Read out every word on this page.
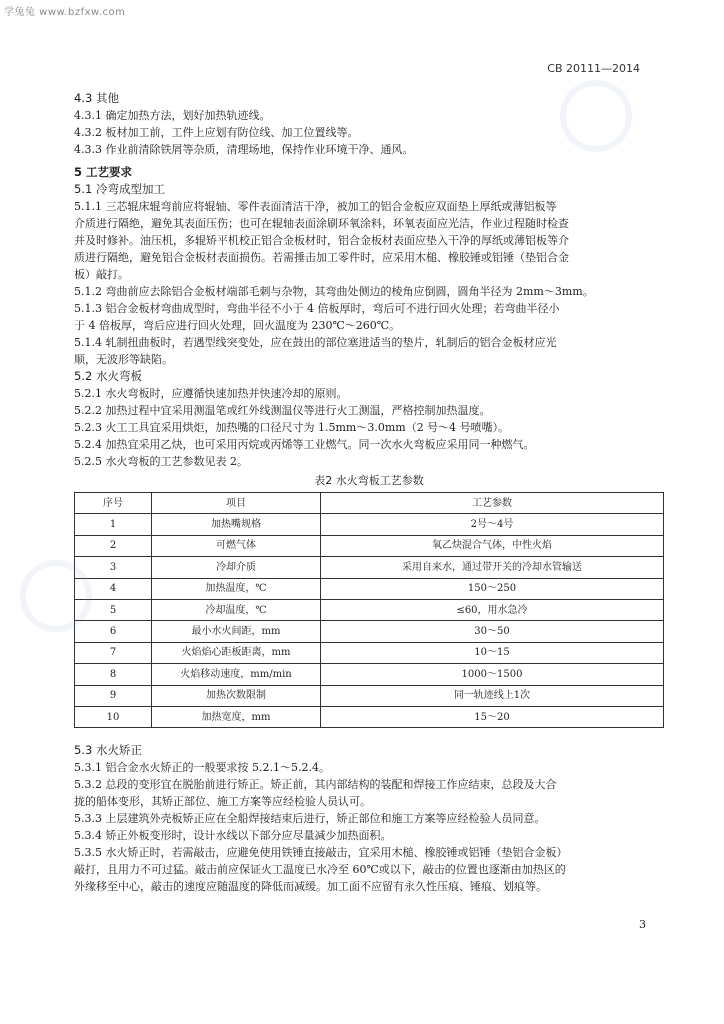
学兔兔 www.bzfxw.com
CB 20111—2014
4.3 其他
4.3.1 确定加热方法，划好加热轨迹线。
4.3.2 板材加工前，工件上应划有防位线、加工位置线等。
4.3.3 作业前清除铁屑等杂质，清理场地，保持作业环境干净、通风。
5 工艺要求
5.1 冷弯成型加工
5.1.1 三芯辊床辊弯前应将辊轴、零件表面清洁干净，被加工的铝合金板应双面垫上厚纸或薄铝板等
介质进行隔绝，避免其表面压伤；也可在辊轴表面涂刷环氧涂料，环氧表面应光洁，作业过程随时检查
并及时修补。油压机，多辊矫平机校正铝合金板材时，铝合金板材表面应垫入干净的厚纸或薄铝板等介
质进行隔绝，避免铝合金板材表面损伤。若需捶击加工零件时，应采用木槌、橡胶锤或铝锤（垫铝合金
板）敲打。
5.1.2 弯曲前应去除铝合金板材端部毛刺与杂物，其弯曲处侧边的棱角应倒圆，圆角半径为 2mm～3mm。
5.1.3 铝合金板材弯曲成型时，弯曲半径不小于 4 倍板厚时，弯后可不进行回火处理；若弯曲半径小
于 4 倍板厚，弯后应进行回火处理，回火温度为 230℃～260℃。
5.1.4 轧制扭曲板时，若遇型线突变处，应在鼓出的部位塞进适当的垫片，轧制后的铝合金板材应光
顺，无波形等缺陷。
5.2 水火弯板
5.2.1 水火弯板时，应遵循快速加热并快速冷却的原则。
5.2.2 加热过程中宜采用测温笔或红外线测温仪等进行火工测温，严格控制加热温度。
5.2.3 火工工具宜采用烘炬，加热嘴的口径尺寸为 1.5mm～3.0mm（2 号～4 号喷嘴）。
5.2.4 加热宜采用乙炔，也可采用丙烷或丙烯等工业燃气。同一次水火弯板应采用同一种燃气。
5.2.5 水火弯板的工艺参数见表 2。
表2 水火弯板工艺参数
序号	项目	工艺参数
1	加热嘴规格	2号～4号
2	可燃气体	氧乙炔混合气体，中性火焰
3	冷却介质	采用自来水，通过带开关的冷却水管输送
4	加热温度，℃	150～250
5	冷却温度，℃	≤60，用水急冷
6	最小水火间距，mm	30～50
7	火焰焰心距板距离，mm	10～15
8	火焰移动速度，mm/min	1000～1500
9	加热次数限制	同一轨迹线上1次
10	加热宽度，mm	15～20
5.3 水火矫正
5.3.1 铝合金水火矫正的一般要求按 5.2.1～5.2.4。
5.3.2 总段的变形宜在脱胎前进行矫正。矫正前，其内部结构的装配和焊接工作应结束，总段及大合
拢的船体变形，其矫正部位、施工方案等应经检验人员认可。
5.3.3 上层建筑外壳板矫正应在全船焊接结束后进行，矫正部位和施工方案等应经检验人员同意。
5.3.4 矫正外板变形时，设计水线以下部分应尽量减少加热面积。
5.3.5 水火矫正时，若需敲击，应避免使用铁锤直接敲击，宜采用木槌、橡胶锤或铝锤（垫铝合金板）
敲打，且用力不可过猛。敲击前应保证火工温度已水冷至 60℃或以下，敲击的位置也逐渐由加热区的
外缘移至中心，敲击的速度应随温度的降低而减缓。加工面不应留有永久性压痕、锤痕、划痕等。
3
